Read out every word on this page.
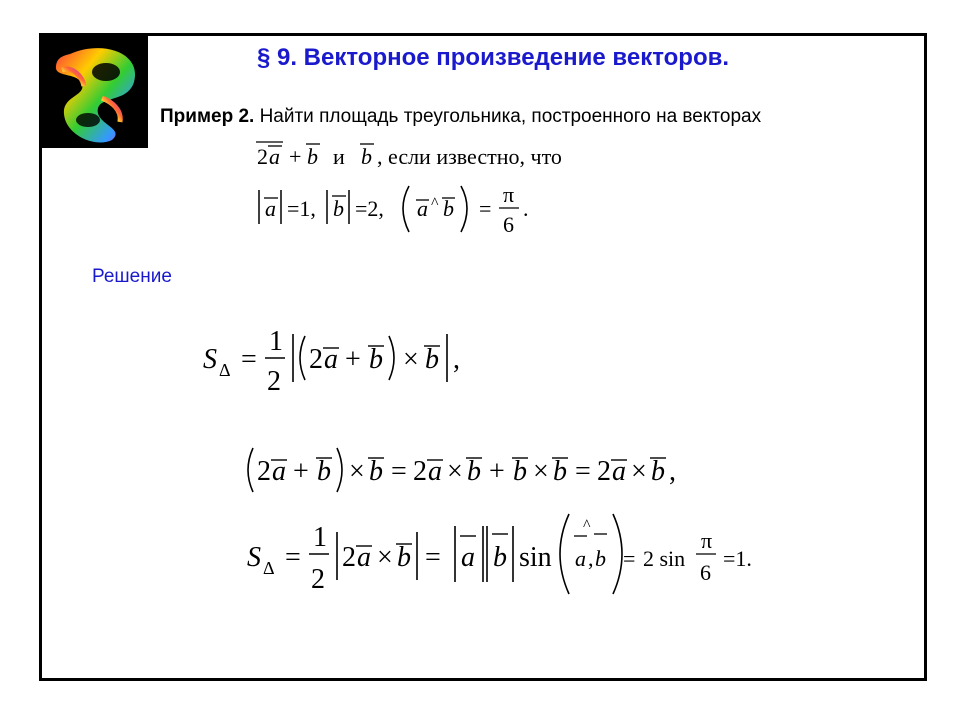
§ 9. Векторное произведение векторов.
Пример 2. Найти площадь треугольника, построенного на векторах
2 a + b и b , если известно, что
a =1, b =2, a ^ b =
π
6
.
Решение
S Δ =
1
2
2 a + b × b ,
2 a + b × b = 2 a × b + b × b = 2 a × b ,
S Δ =
1
2
2 a × b = a b sin a
^
, b = 2 sin
π
6
=1.
